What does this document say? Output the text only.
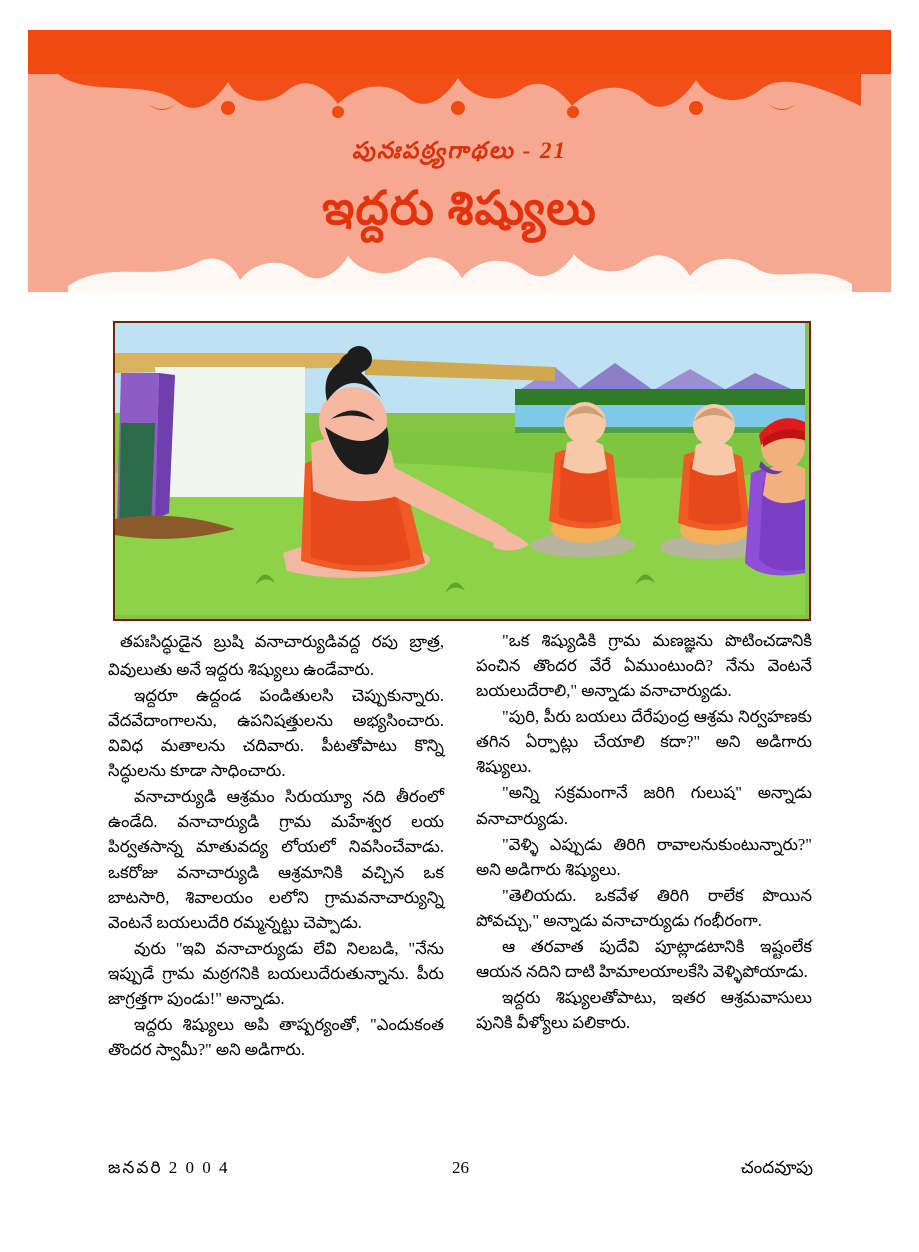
పునఃపఠ్ర్యగాథలు - 21
ఇద్దరు శిష్యులు

తపఃసిద్ధుడైన బ్రుషి వనాచార్యుడివద్ద రపు బ్రాత్ర, వివులుతు అనే ఇద్దరు శిష్యులు ఉండేవారు.

ఇద్దరూ ఉద్దండ పండితులసి చెప్పుకున్నారు. వేదవేదాంగాలను, ఉపనిషత్తులను అభ్యసించారు. వివిధ మతాలను చదివారు. పీటతోపాటు కొన్ని సిద్ధులను కూడా సాధించారు.

వనాచార్యుడి ఆశ్రమం సిరుయ్యూ నది తీరంలో ఉండేది. వనాచార్యుడి గ్రామ మహేశ్వర లయ పిర్వతసాన్న మాతువద్య లోయలో నివసించేవాడు. ఒకరోజు వనాచార్యుడి ఆశ్రమానికి వచ్చిన ఒక బాటసారి, శివాలయం లలోని గ్రామవనాచార్యున్ని వెంటనే బయలుదేరి రమ్మన్నట్టు చెప్పాడు.

వురు "ఇవి వనాచార్యుడు లేవి నిలబడి, "నేను ఇప్పుడే గ్రామ మఠ్రగనికి బయలుదేరుతున్నాను. పీరు జాగ్రత్తగా పుండు!" అన్నాడు.

ఇద్దరు శిష్యులు అపి తాష్పర్యంతో, "ఎందుకంత తొందర స్వామీ?" అని అడిగారు.

"ఒక శిష్యుడికి గ్రామ మణజ్ఞను పొటించడానికి పంచిన తొందర వేరే ఏముంటుంది? నేను వెంటనే బయలుదేరాలి," అన్నాడు వనాచార్యుడు.

"పురి, పీరు బయలు దేరేపుంద్ర ఆశ్రమ నిర్వహణకు తగిన ఏర్పాట్లు చేయాలి కదా?" అని అడిగారు శిష్యులు.

"అన్ని సక్రమంగానే జరిగి గులుష" అన్నాడు వనాచార్యుడు.

"వెళ్ళి ఎప్పుడు తిరిగి రావాలనుకుంటున్నారు?" అని అడిగారు శిష్యులు.

"తెలియదు. ఒకవేళ తిరిగి రాలేక పొయిన పోవచ్చు," అన్నాడు వనాచార్యుడు గంభీరంగా.

ఆ తరవాత పుదేవి పూట్లాడటానికి ఇష్టంలేక ఆయన నదిని దాటి హిమాలయాలకేసి వెళ్ళిపోయాడు.

ఇద్దరు శిష్యులతోపాటు, ఇతర ఆశ్రమవాసులు పునికి వీళ్యోలు పలికారు.

జనవరి 2 0 0 4	26	చందవూపు
